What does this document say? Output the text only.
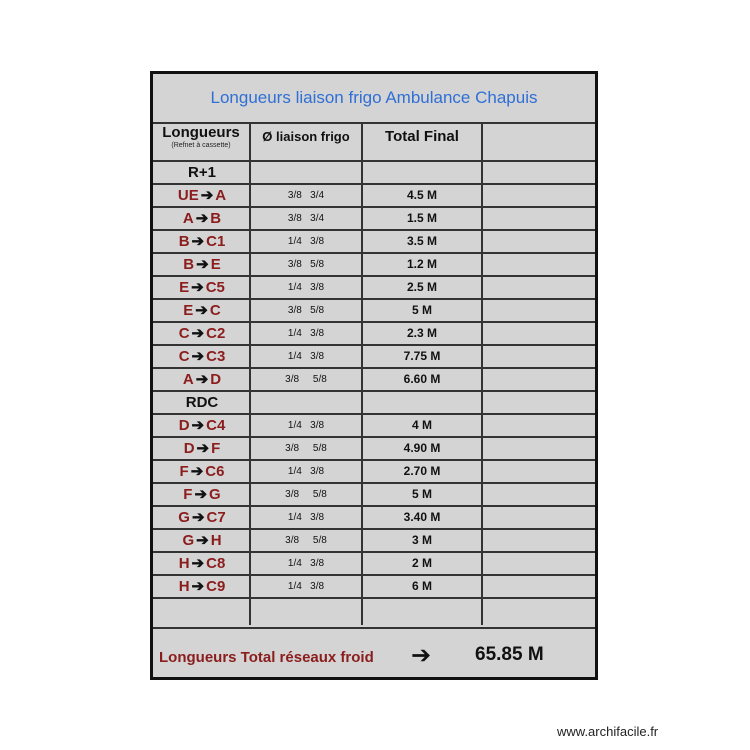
Longueurs liaison frigo Ambulance Chapuis
Longueurs
(Refnet à cassette)
Ø liaison frigo	Total Final
R+1
UE ➔ A	3/8   3/4	4.5 M
A ➔ B	3/8   3/4	1.5 M
B ➔ C1	1/4   3/8	3.5 M
B ➔ E	3/8   5/8	1.2 M
E ➔ C5	1/4   3/8	2.5 M
E ➔ C	3/8   5/8	5 M
C ➔ C2	1/4   3/8	2.3 M
C ➔ C3	1/4   3/8	7.75 M
A ➔ D	3/8     5/8	6.60 M
RDC
D ➔ C4	1/4   3/8	4 M
D ➔ F	3/8     5/8	4.90 M
F ➔ C6	1/4   3/8	2.70 M
F ➔ G	3/8     5/8	5 M
G ➔ C7	1/4   3/8	3.40 M
G ➔ H	3/8     5/8	3 M
H ➔ C8	1/4   3/8	2 M
H ➔ C9	1/4   3/8	6 M
Longueurs Total réseaux froid ➔ 65.85 M
www.archifacile.fr
